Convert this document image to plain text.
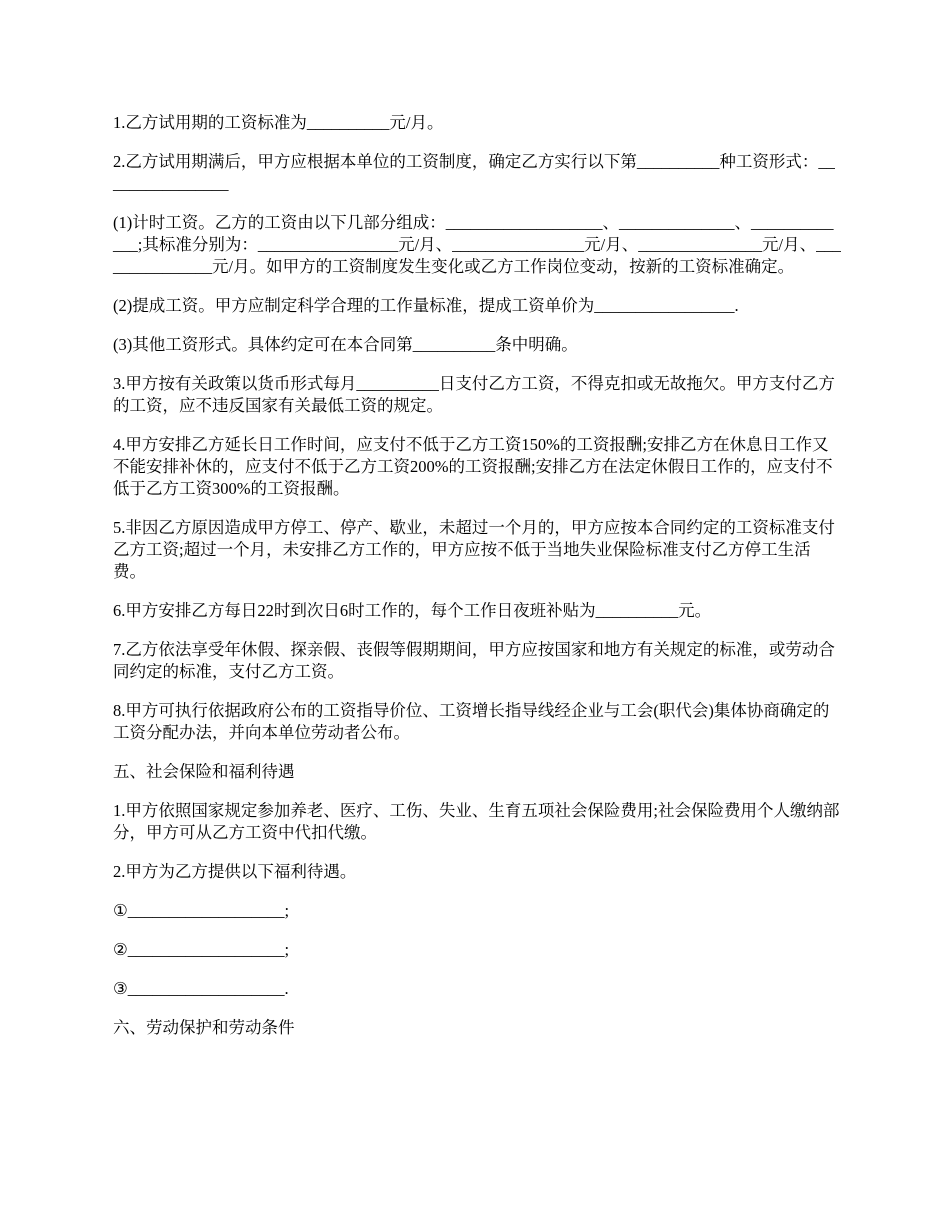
1.乙方试用期的工资标准为__________元/月。

2.乙方试用期满后，甲方应根据本单位的工资制度，确定乙方实行以下第__________种工资形式：________________

(1)计时工资。乙方的工资由以下几部分组成：___________________、______________、_____________;其标准分别为：_________________元/月、________________元/月、_______________元/月、_______________元/月。如甲方的工资制度发生变化或乙方工作岗位变动，按新的工资标准确定。

(2)提成工资。甲方应制定科学合理的工作量标准，提成工资单价为_________________.

(3)其他工资形式。具体约定可在本合同第__________条中明确。

3.甲方按有关政策以货币形式每月__________日支付乙方工资，不得克扣或无故拖欠。甲方支付乙方的工资，应不违反国家有关最低工资的规定。

4.甲方安排乙方延长日工作时间，应支付不低于乙方工资150%的工资报酬;安排乙方在休息日工作又不能安排补休的，应支付不低于乙方工资200%的工资报酬;安排乙方在法定休假日工作的，应支付不低于乙方工资300%的工资报酬。

5.非因乙方原因造成甲方停工、停产、歇业，未超过一个月的，甲方应按本合同约定的工资标准支付乙方工资;超过一个月，未安排乙方工作的，甲方应按不低于当地失业保险标准支付乙方停工生活费。

6.甲方安排乙方每日22时到次日6时工作的，每个工作日夜班补贴为__________元。

7.乙方依法享受年休假、探亲假、丧假等假期期间，甲方应按国家和地方有关规定的标准，或劳动合同约定的标准，支付乙方工资。

8.甲方可执行依据政府公布的工资指导价位、工资增长指导线经企业与工会(职代会)集体协商确定的工资分配办法，并向本单位劳动者公布。

五、社会保险和福利待遇

1.甲方依照国家规定参加养老、医疗、工伤、失业、生育五项社会保险费用;社会保险费用个人缴纳部分，甲方可从乙方工资中代扣代缴。

2.甲方为乙方提供以下福利待遇。

①___________________;

②___________________;

③___________________.

六、劳动保护和劳动条件
